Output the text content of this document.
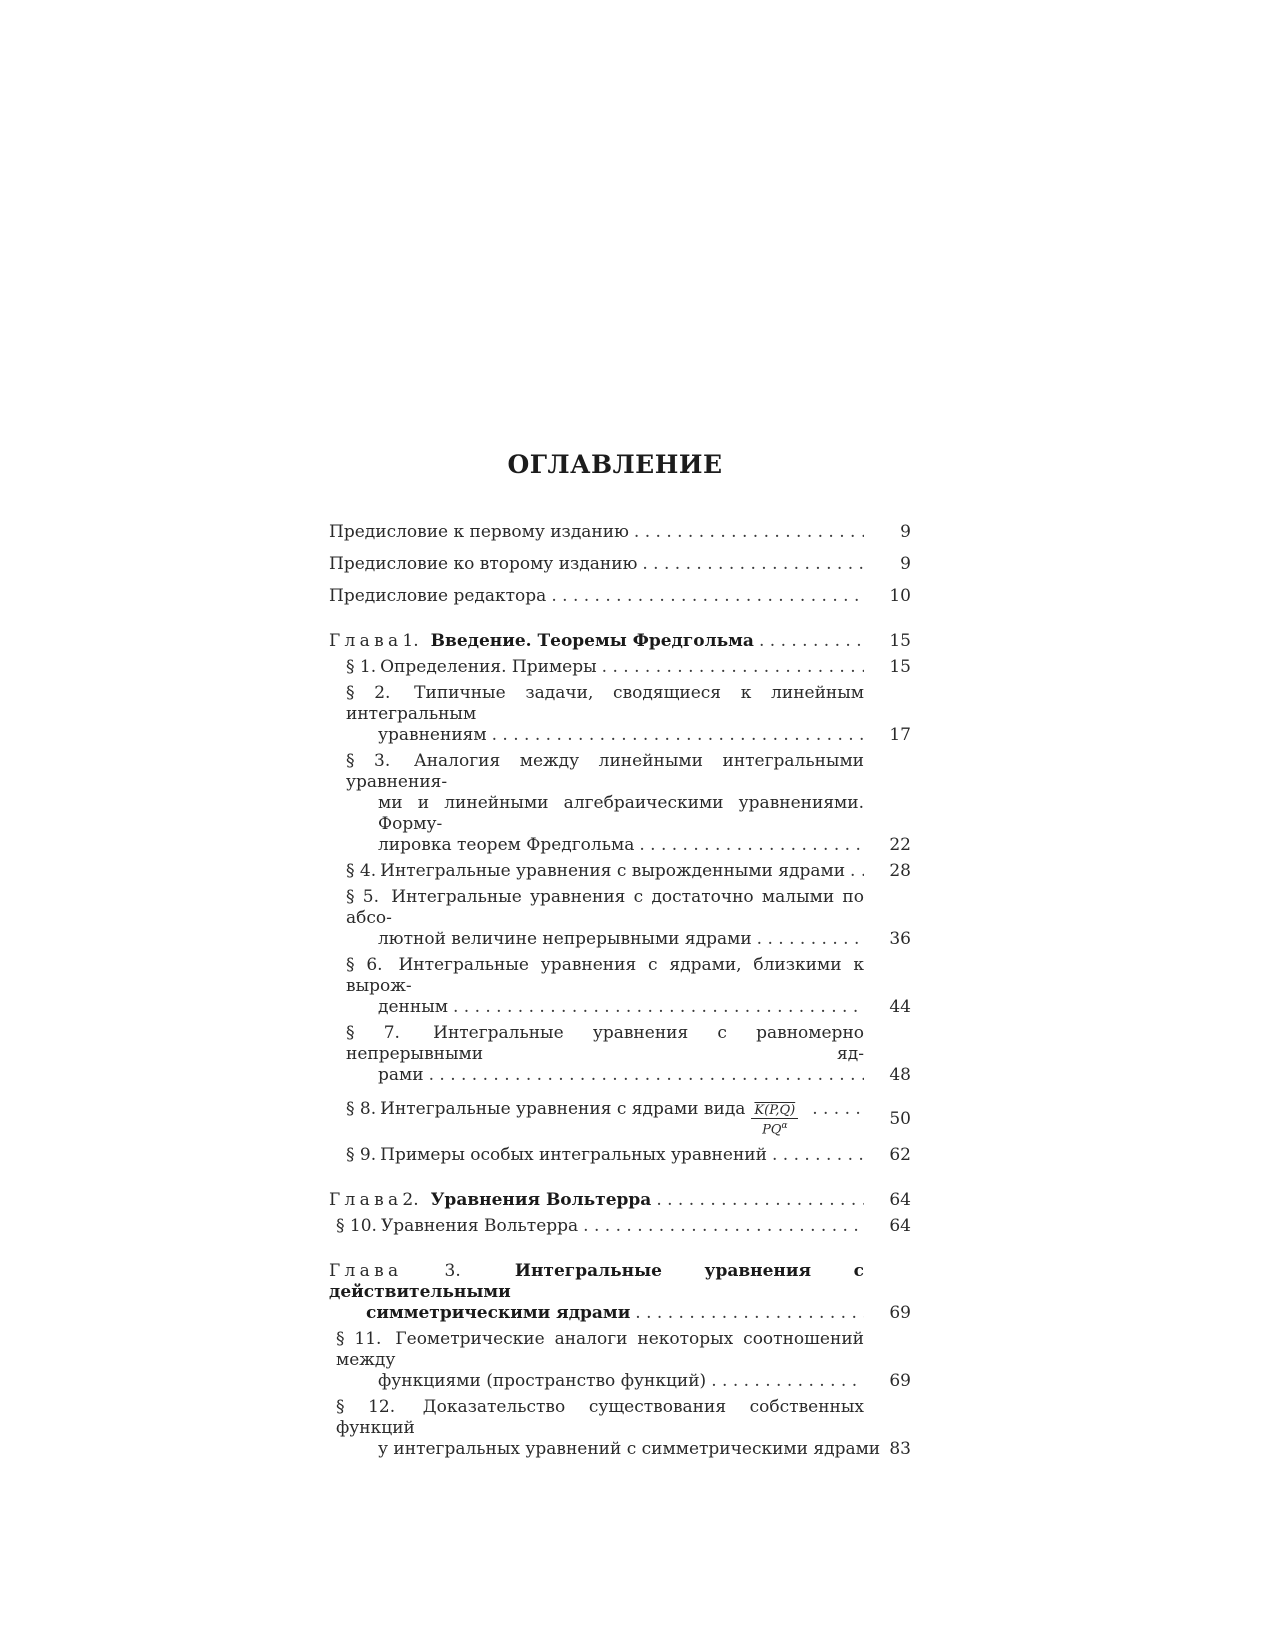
ОГЛАВЛЕНИЕ
Предисловие к первому изданию . . .	9
Предисловие ко второму изданию . . .	9
Предисловие редактора . . .	10
Глава 1. Введение. Теоремы Фредгольма . . .	15
§ 1. Определения. Примеры . . .	15
§ 2. Типичные задачи, сводящиеся к линейным интегральным
уравнениям . . .	17
§ 3. Аналогия между линейными интегральными уравнения-
ми и линейными алгебраическими уравнениями. Форму-
лировка теорем Фредгольма . . .	22
§ 4. Интегральные уравнения с вырожденными ядрами . . .	28
§ 5. Интегральные уравнения с достаточно малыми по абсо-
лютной величине непрерывными ядрами . . .	36
§ 6. Интегральные уравнения с ядрами, близкими к вырож-
денным . . .	44
§ 7. Интегральные уравнения с равномерно непрерывными яд-
рами . . .	48
§ 8. Интегральные уравнения с ядрами вида $\frac{K(P,Q)}{PQ^\alpha}$ . . .	50
§ 9. Примеры особых интегральных уравнений . . .	62
Глава 2. Уравнения Вольтерра . . .	64
§ 10. Уравнения Вольтерра . . .	64
Глава 3.	Интегральные уравнения с действительными
симметрическими ядрами . . .	69
§ 11. Геометрические аналоги некоторых соотношений между
функциями (пространство функций) . . .	69
§ 12. Доказательство существования собственных функций
у интегральных уравнений с симметрическими ядрами 83
